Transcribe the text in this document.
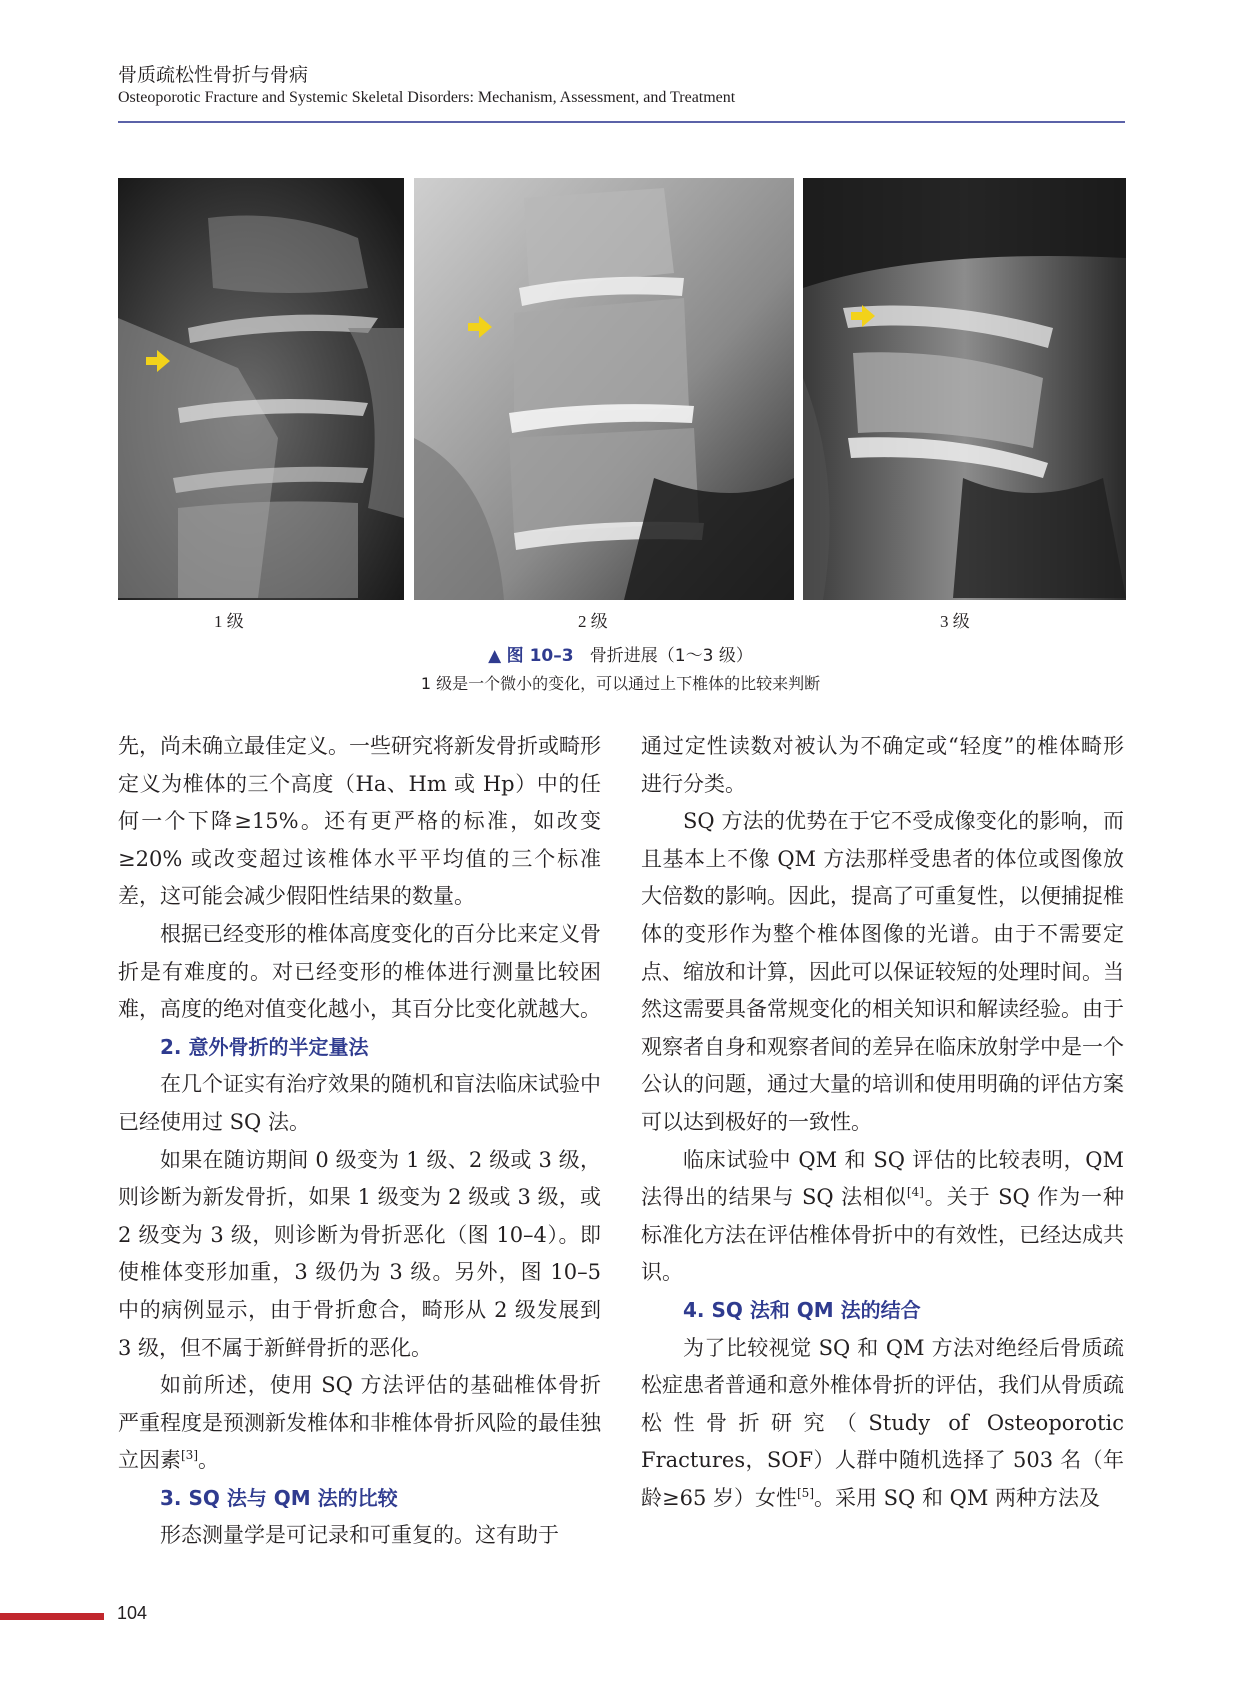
骨质疏松性骨折与骨病
Osteoporotic Fracture and Systemic Skeletal Disorders: Mechanism, Assessment, and Treatment
1 级	2 级	3 级
▲ 图 10–3 骨折进展（1～3 级）
1 级是一个微小的变化，可以通过上下椎体的比较来判断

先，尚未确立最佳定义。一些研究将新发骨折或畸形定义为椎体的三个高度（Ha、Hm 或 Hp）中的任何一个下降≥15%。还有更严格的标准，如改变≥20% 或改变超过该椎体水平平均值的三个标准差，这可能会减少假阳性结果的数量。

根据已经变形的椎体高度变化的百分比来定义骨折是有难度的。对已经变形的椎体进行测量比较困难，高度的绝对值变化越小，其百分比变化就越大。

2. 意外骨折的半定量法

在几个证实有治疗效果的随机和盲法临床试验中已经使用过 SQ 法。

如果在随访期间 0 级变为 1 级、2 级或 3 级，则诊断为新发骨折，如果 1 级变为 2 级或 3 级，或 2 级变为 3 级，则诊断为骨折恶化（图 10–4）。即使椎体变形加重，3 级仍为 3 级。另外，图 10–5 中的病例显示，由于骨折愈合，畸形从 2 级发展到 3 级，但不属于新鲜骨折的恶化。

如前所述，使用 SQ 方法评估的基础椎体骨折严重程度是预测新发椎体和非椎体骨折风险的最佳独立因素[3]。

3. SQ 法与 QM 法的比较

形态测量学是可记录和可重复的。这有助于

通过定性读数对被认为不确定或“轻度”的椎体畸形进行分类。

SQ 方法的优势在于它不受成像变化的影响，而且基本上不像 QM 方法那样受患者的体位或图像放大倍数的影响。因此，提高了可重复性，以便捕捉椎体的变形作为整个椎体图像的光谱。由于不需要定点、缩放和计算，因此可以保证较短的处理时间。当然这需要具备常规变化的相关知识和解读经验。由于观察者自身和观察者间的差异在临床放射学中是一个公认的问题，通过大量的培训和使用明确的评估方案可以达到极好的一致性。

临床试验中 QM 和 SQ 评估的比较表明，QM 法得出的结果与 SQ 法相似[4]。关于 SQ 作为一种标准化方法在评估椎体骨折中的有效性，已经达成共识。

4. SQ 法和 QM 法的结合

为了比较视觉 SQ 和 QM 方法对绝经后骨质疏松症患者普通和意外椎体骨折的评估，我们从骨质疏松性骨折研究（Study of Osteoporotic Fractures，SOF）人群中随机选择了 503 名（年龄≥65 岁）女性[5]。采用 SQ 和 QM 两种方法及

104
